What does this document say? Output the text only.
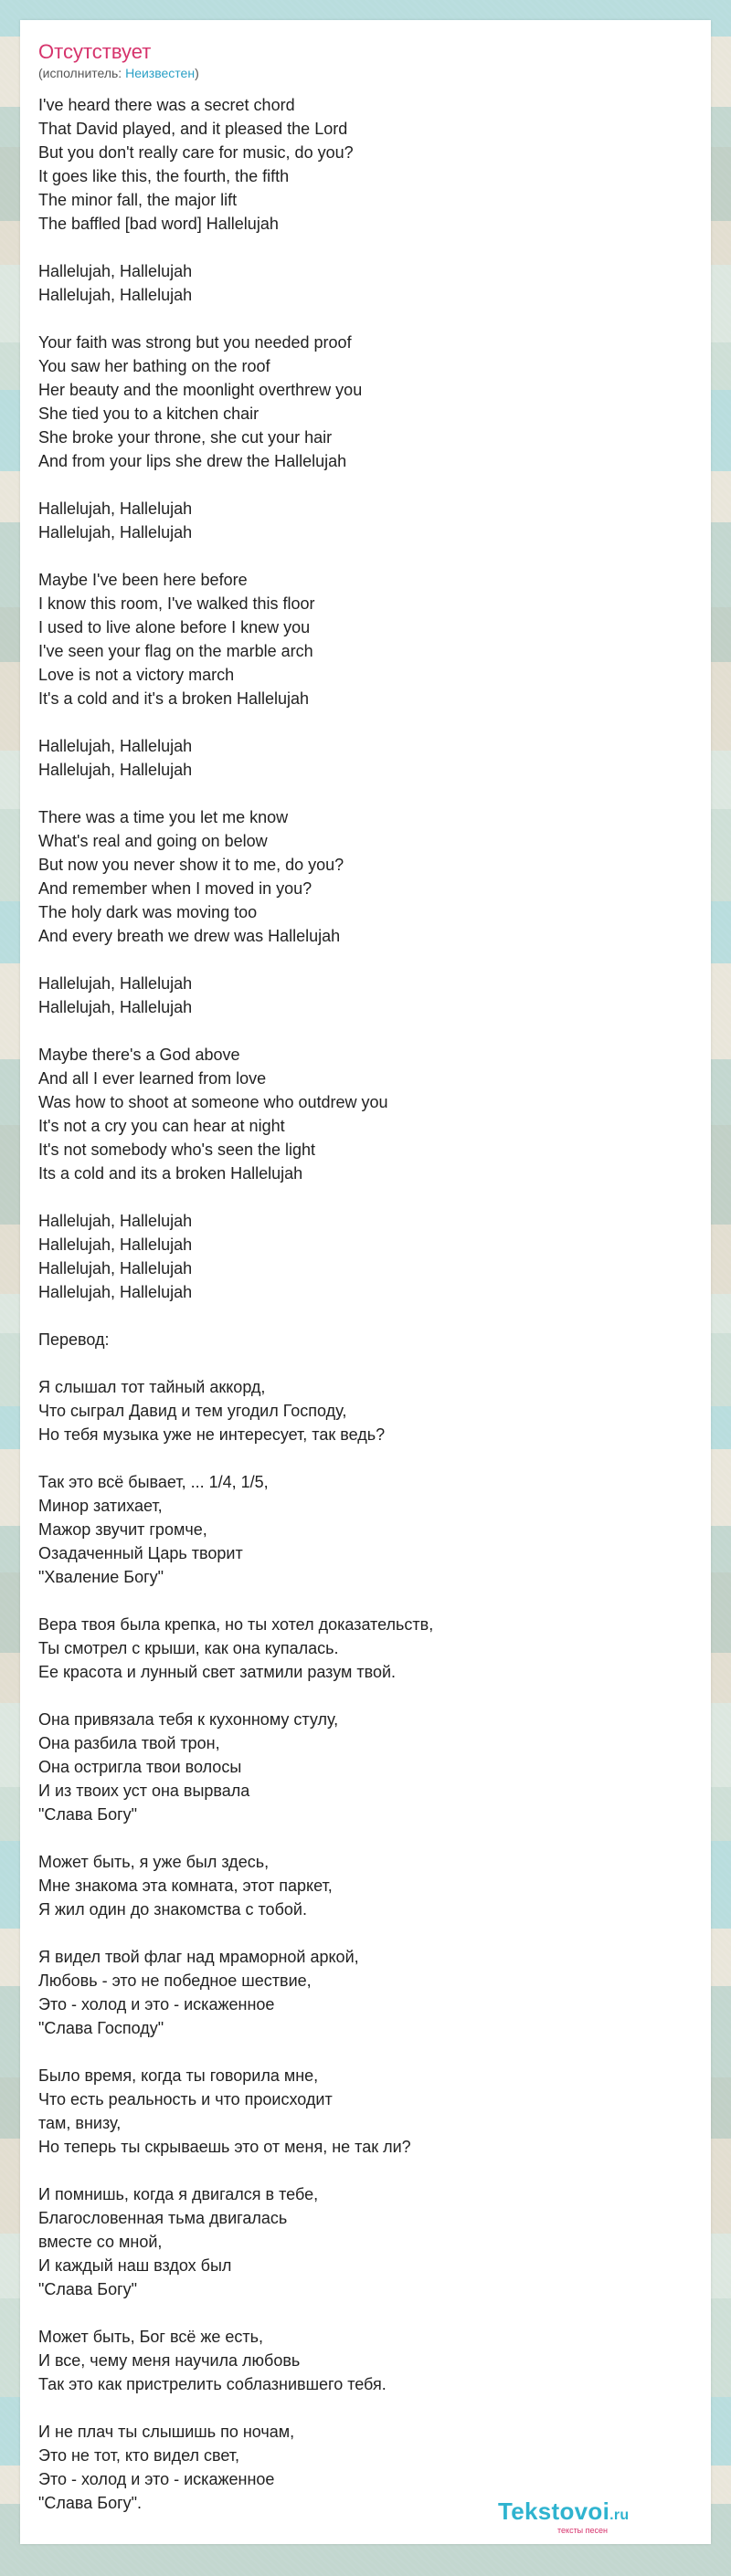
Отсутствует
(исполнитель: Неизвестен)
I've heard there was a secret chord
That David played, and it pleased the Lord
But you don't really care for music, do you?
It goes like this, the fourth, the fifth
The minor fall, the major lift
The baffled [bad word] Hallelujah
Hallelujah, Hallelujah
Hallelujah, Hallelujah
Your faith was strong but you needed proof
You saw her bathing on the roof
Her beauty and the moonlight overthrew you
She tied you to a kitchen chair
She broke your throne, she cut your hair
And from your lips she drew the Hallelujah
Hallelujah, Hallelujah
Hallelujah, Hallelujah
Maybe I've been here before
I know this room, I've walked this floor
I used to live alone before I knew you
I've seen your flag on the marble arch
Love is not a victory march
It's a cold and it's a broken Hallelujah
Hallelujah, Hallelujah
Hallelujah, Hallelujah
There was a time you let me know
What's real and going on below
But now you never show it to me, do you?
And remember when I moved in you?
The holy dark was moving too
And every breath we drew was Hallelujah
Hallelujah, Hallelujah
Hallelujah, Hallelujah
Maybe there's a God above
And all I ever learned from love
Was how to shoot at someone who outdrew you
It's not a cry you can hear at night
It's not somebody who's seen the light
Its a cold and its a broken Hallelujah
Hallelujah, Hallelujah
Hallelujah, Hallelujah
Hallelujah, Hallelujah
Hallelujah, Hallelujah
Перевод:
Я слышал тот тайный аккорд,
Что сыграл Давид и тем угодил Господу,
Но тебя музыка уже не интересует, так ведь?
Так это всё бывает, ... 1/4, 1/5,
Минор затихает,
Мажор звучит громче,
Озадаченный Царь творит
"Хваление Богу"
Вера твоя была крепка, но ты хотел доказательств,
Ты смотрел с крыши, как она купалась.
Ее красота и лунный свет затмили разум твой.
Она привязала тебя к кухонному стулу,
Она разбила твой трон,
Она остригла твои волосы
И из твоих уст она вырвала
"Слава Богу"
Может быть, я уже был здесь,
Мне знакома эта комната, этот паркет,
Я жил один до знакомства с тобой.
Я видел твой флаг над мраморной аркой,
Любовь - это не победное шествие,
Это - холод и это - искаженное
"Слава Господу"
Было время, когда ты говорила мне,
Что есть реальность и что происходит
там, внизу,
Но теперь ты скрываешь это от меня, не так ли?
И помнишь, когда я двигался в тебе,
Благословенная тьма двигалась
вместе со мной,
И каждый наш вздох был
"Слава Богу"
Может быть, Бог всё же есть,
И все, чему меня научила любовь
Так это как пристрелить соблазнившего тебя.
И не плач ты слышишь по ночам,
Это не тот, кто видел свет,
Это - холод и это - искаженное
"Слава Богу".	Tekstovoi.ru
тексты песен
